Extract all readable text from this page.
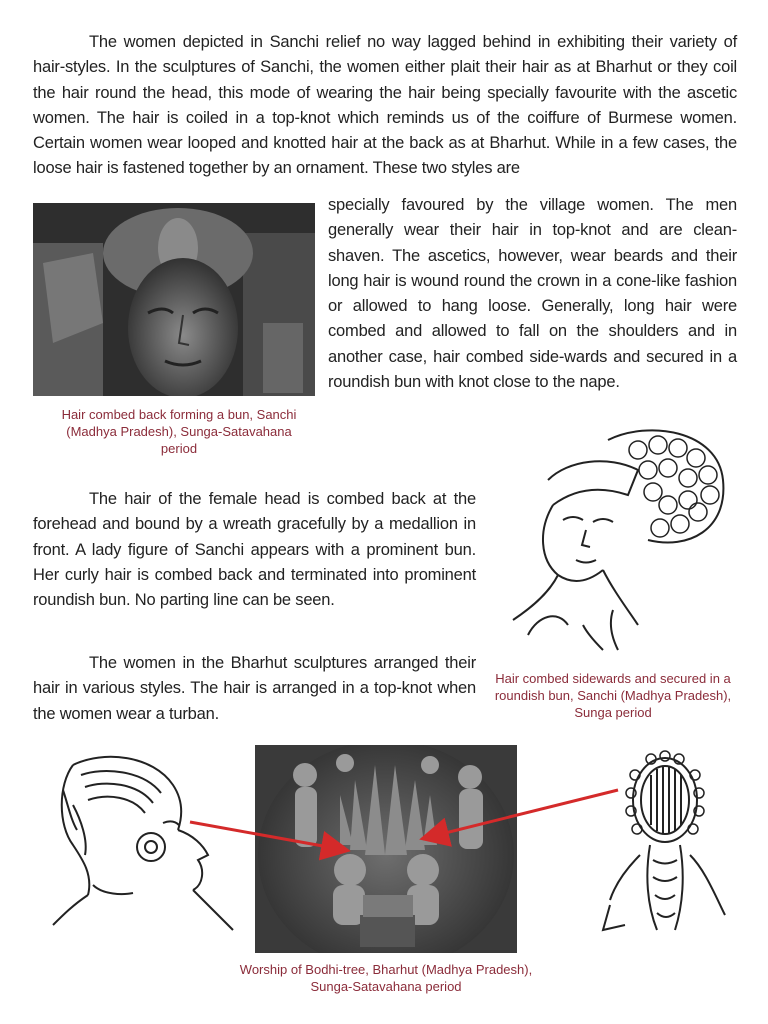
The women depicted in Sanchi relief no way lagged behind in exhibiting their variety of hair-styles. In the sculptures of Sanchi, the women either plait their hair as at Bharhut or they coil the hair round the head, this mode of wearing the hair being specially favourite with the ascetic women. The hair is coiled in a top-knot which reminds us of the coiffure of Burmese women. Certain women wear looped and knotted hair at the back as at Bharhut. While in a few cases, the loose hair is fastened together by an ornament. These two styles are

specially favoured by the village women. The men generally wear their hair in top-knot and are clean-shaven. The ascetics, however, wear beards and their long hair is wound round the crown in a cone-like fashion or allowed to hang loose. Generally, long hair were combed and allowed to fall on the shoulders and in another case, hair combed side-wards and secured in a roundish bun with knot close to the nape.

Hair combed back forming a bun, Sanchi (Madhya Pradesh), Sunga-Satavahana period

The hair of the female head is combed back at the forehead and bound by a wreath gracefully by a medallion in front. A lady figure of Sanchi appears with a prominent bun. Her curly hair is combed back and terminated into prominent roundish bun. No parting line can be seen.

The women in the Bharhut sculptures arranged their hair in various styles. The hair is arranged in a top-knot when the women wear a turban.

Hair combed sidewards and secured in a roundish bun, Sanchi (Madhya Pradesh), Sunga period
Worship of Bodhi-tree, Bharhut (Madhya Pradesh), Sunga-Satavahana period
